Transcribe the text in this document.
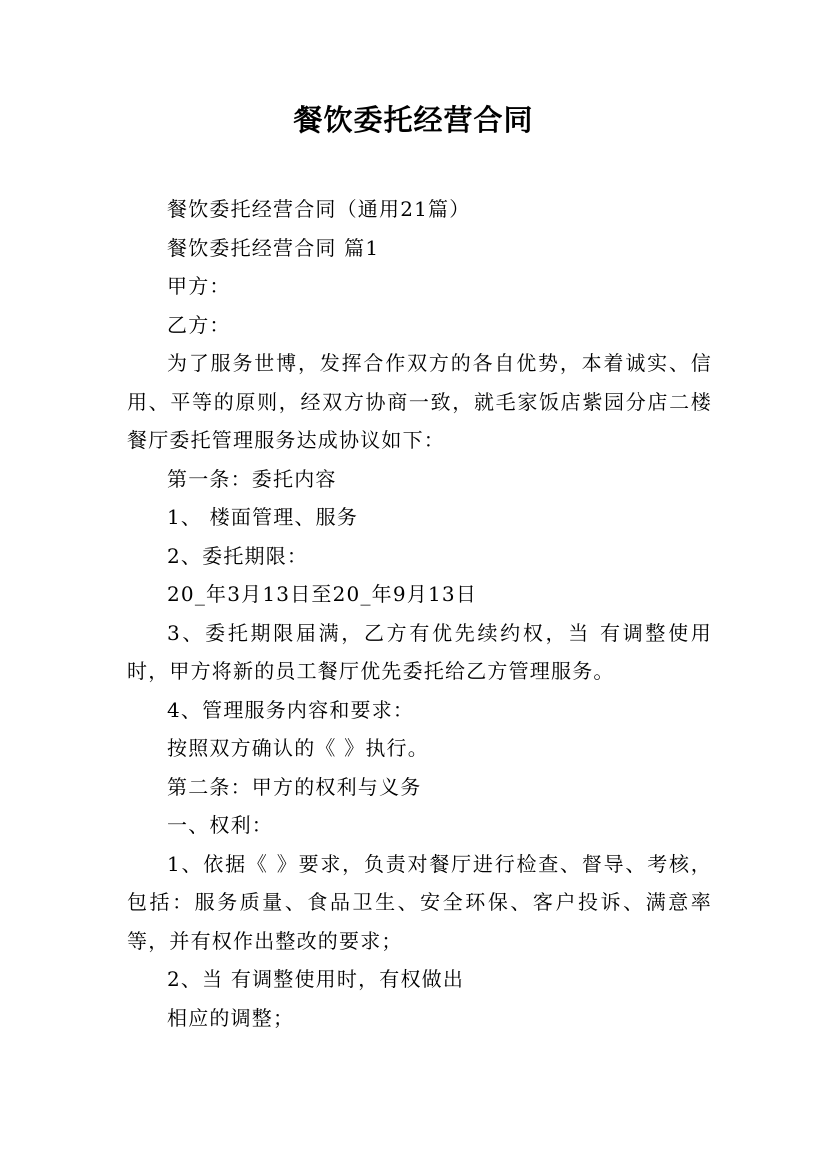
餐饮委托经营合同

餐饮委托经营合同（通用21篇）

餐饮委托经营合同 篇1

甲方：

乙方：

为了服务世博，发挥合作双方的各自优势，本着诚实、信用、平等的原则，经双方协商一致，就毛家饭店紫园分店二楼餐厅委托管理服务达成协议如下：

第一条：委托内容

1、 楼面管理、服务

2、委托期限：

20_年3月13日至20_年9月13日

3、委托期限届满，乙方有优先续约权，当 有调整使用时，甲方将新的员工餐厅优先委托给乙方管理服务。

4、管理服务内容和要求：

按照双方确认的《 》执行。

第二条：甲方的权利与义务

一、权利：

1、依据《 》要求，负责对餐厅进行检查、督导、考核，包括：服务质量、食品卫生、安全环保、客户投诉、满意率等，并有权作出整改的要求；

2、当 有调整使用时，有权做出

相应的调整；
